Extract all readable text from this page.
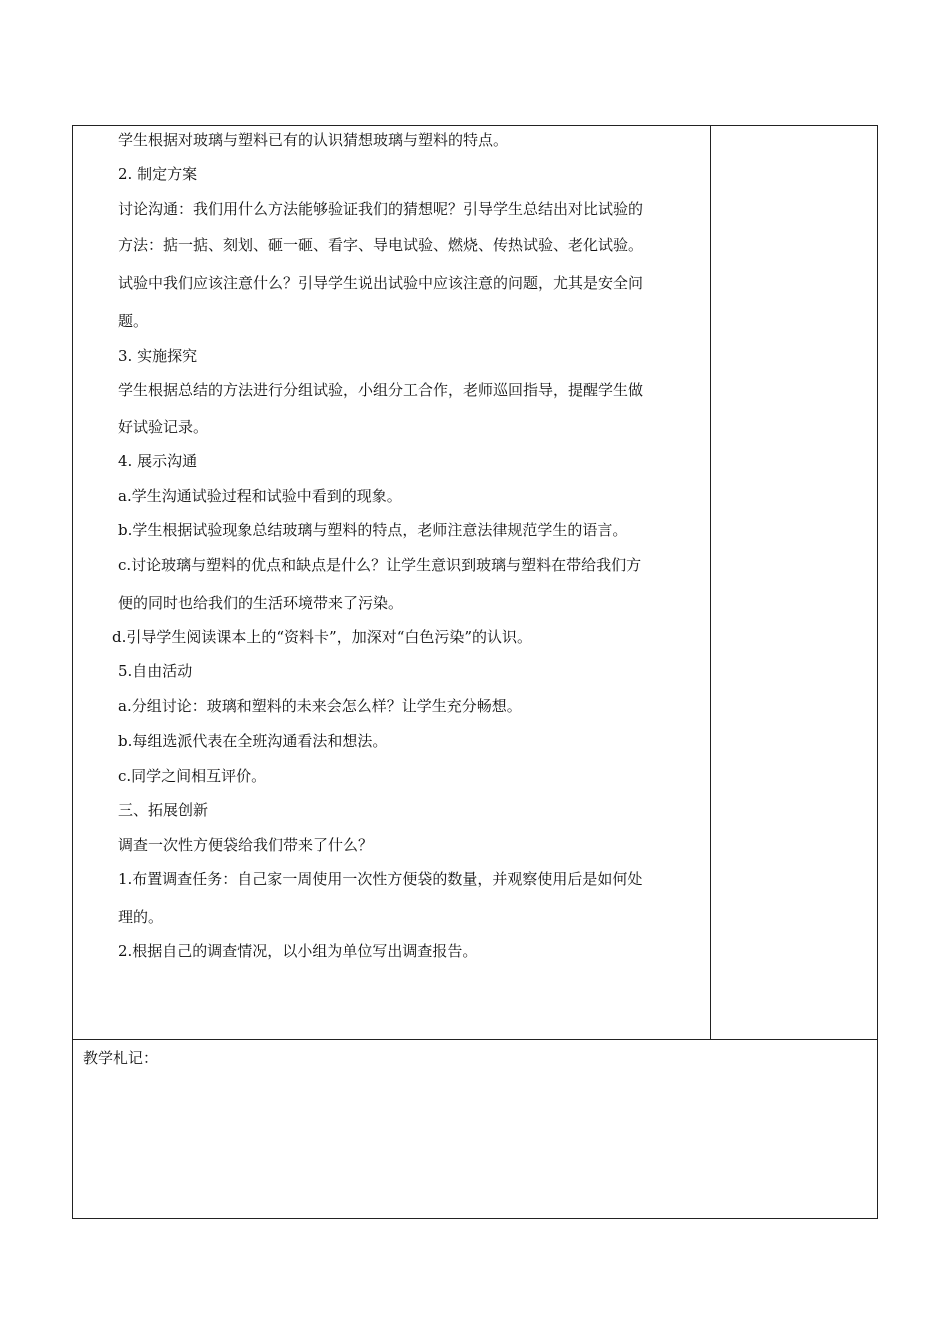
学生根据对玻璃与塑料已有的认识猜想玻璃与塑料的特点。
2. 制定方案
讨论沟通：我们用什么方法能够验证我们的猜想呢？引导学生总结出对比试验的
方法：掂一掂、刻划、砸一砸、看字、导电试验、燃烧、传热试验、老化试验。
试验中我们应该注意什么？引导学生说出试验中应该注意的问题，尤其是安全问
题。
3. 实施探究
学生根据总结的方法进行分组试验，小组分工合作，老师巡回指导，提醒学生做
好试验记录。
4. 展示沟通
a.学生沟通试验过程和试验中看到的现象。
b.学生根据试验现象总结玻璃与塑料的特点，老师注意法律规范学生的语言。
c.讨论玻璃与塑料的优点和缺点是什么？让学生意识到玻璃与塑料在带给我们方
便的同时也给我们的生活环境带来了污染。
d.引导学生阅读课本上的“资料卡”，加深对“白色污染”的认识。
5.自由活动
a.分组讨论：玻璃和塑料的未来会怎么样？让学生充分畅想。
b.每组选派代表在全班沟通看法和想法。
c.同学之间相互评价。
三、拓展创新
调查一次性方便袋给我们带来了什么？
1.布置调查任务：自己家一周使用一次性方便袋的数量，并观察使用后是如何处
理的。
2.根据自己的调查情况，以小组为单位写出调查报告。
教学札记：
